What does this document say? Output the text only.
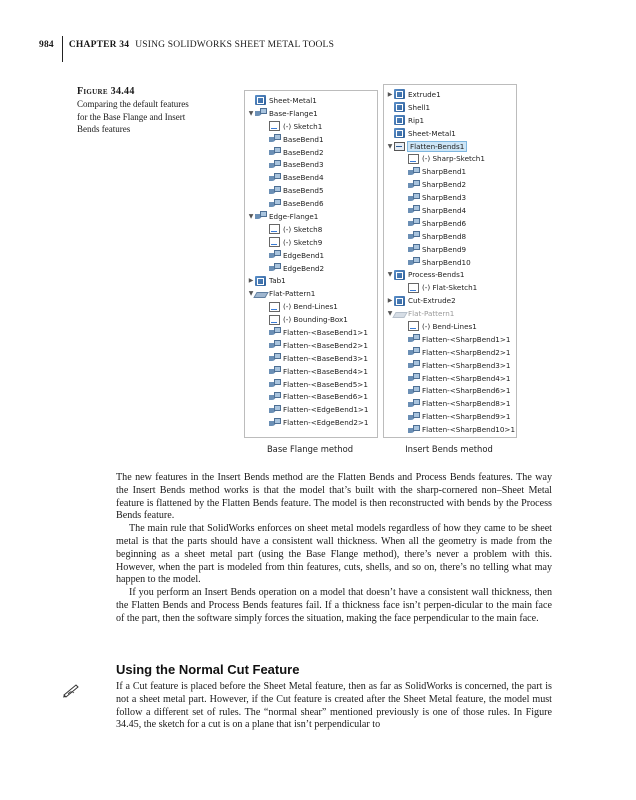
984 CHAPTER 34 USING SOLIDWORKS SHEET METAL TOOLS
Figure 34.44
Comparing the default features for the Base Flange and Insert Bends features
Sheet-Metal1
▼ Base-Flange1
(-) Sketch1
BaseBend1
BaseBend2
BaseBend3
BaseBend4
BaseBend5
BaseBend6
▼ Edge-Flange1
(-) Sketch8
(-) Sketch9
EdgeBend1
EdgeBend2
▶ Tab1
▼ Flat-Pattern1
(-) Bend-Lines1
(-) Bounding-Box1
Flatten-<BaseBend1>1
Flatten-<BaseBend2>1
Flatten-<BaseBend3>1
Flatten-<BaseBend4>1
Flatten-<BaseBend5>1
Flatten-<BaseBend6>1
Flatten-<EdgeBend1>1
Flatten-<EdgeBend2>1
▶ Extrude1
Shell1
Rip1
Sheet-Metal1
▼ Flatten-Bends1
(-) Sharp-Sketch1
SharpBend1
SharpBend2
SharpBend3
SharpBend4
SharpBend6
SharpBend8
SharpBend9
SharpBend10
▼ Process-Bends1
(-) Flat-Sketch1
▶ Cut-Extrude2
▼ Flat-Pattern1
(-) Bend-Lines1
Flatten-<SharpBend1>1
Flatten-<SharpBend2>1
Flatten-<SharpBend3>1
Flatten-<SharpBend4>1
Flatten-<SharpBend6>1
Flatten-<SharpBend8>1
Flatten-<SharpBend9>1
Flatten-<SharpBend10>1
Base Flange method	Insert Bends method

The new features in the Insert Bends method are the Flatten Bends and Process Bends features. The way the Insert Bends method works is that the model that’s built with the sharp-cornered non–Sheet Metal feature is flattened by the Flatten Bends feature. The model is then reconstructed with bends by the Process Bends feature.

The main rule that SolidWorks enforces on sheet metal models regardless of how they came to be sheet metal is that the parts should have a consistent wall thickness. When all the geometry is made from the beginning as a sheet metal part (using the Base Flange method), there’s never a problem with this. However, when the part is modeled from thin features, cuts, shells, and so on, there’s no telling what may happen to the model.

If you perform an Insert Bends operation on a model that doesn’t have a consistent wall thickness, then the Flatten Bends and Process Bends features fail. If a thickness face isn’t perpen-dicular to the main face of the part, then the software simply forces the situation, making the face perpendicular to the main face.

Using the Normal Cut Feature

If a Cut feature is placed before the Sheet Metal feature, then as far as SolidWorks is concerned, the part is not a sheet metal part. However, if the Cut feature is created after the Sheet Metal feature, the model must follow a different set of rules. The “normal shear” mentioned previously is one of those rules. In Figure 34.45, the sketch for a cut is on a plane that isn’t perpendicular to
